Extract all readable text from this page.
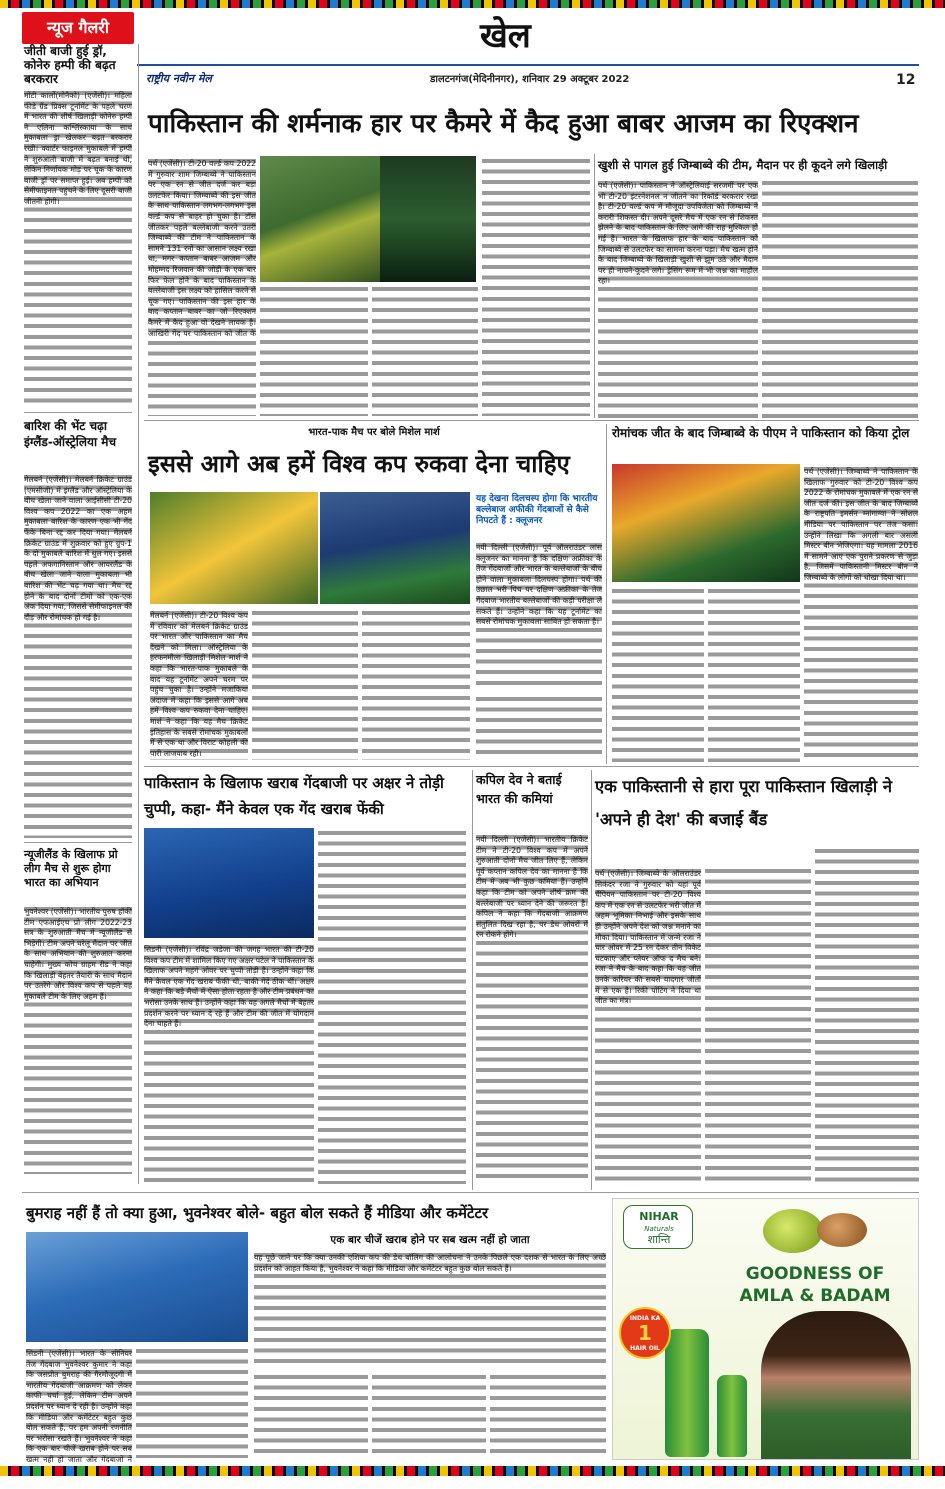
खेल
राष्ट्रीय नवीन मेल	डालटनगंज(मेदिनीनगर), शनिवार 29 अक्टूबर 2022	12
न्यूज गैलरी
जीती बाजी हुई ड्रॉ, कोनेरु हम्पी की बढ़त बरकरार
मोंटी कार्लो(मोनैको) (एजेंसी)। महिला फीडे ग्रैंड प्रिक्स टूर्नामेंट के पहले चरण में भारत की शीर्ष खिलाड़ी कोनेरु हम्पी ने एलिना कश्लिंस्काया के साथ मुकाबला ड्रा खेलकर बढ़त बरकरार रखी। क्वार्टर फाइनल मुकाबले में हम्पी ने शुरुआती बाजी में बढ़त बनाई थी, लेकिन निर्णायक मोड़ पर चूक के कारण बाजी ड्रॉ पर समाप्त हुई। अब हम्पी को सेमीफाइनल पहुंचने के लिए दूसरी बाजी जीतनी होगी।
बारिश की भेंट चढ़ा इंग्लैंड-ऑस्ट्रेलिया मैच
मेलबर्न (एजेंसी)। मेलबर्न क्रिकेट ग्राउंड (एमसीजी) में इंग्लैंड और ऑस्ट्रेलिया के बीच खेला जाने वाला आईसीसी टी-20 विश्व कप 2022 का एक अहम मुकाबला बारिश के कारण एक भी गेंद फेंके बिना रद्द कर दिया गया। मेलबर्न क्रिकेट ग्राउंड में शुक्रवार को हुए ग्रुप-1 के दो मुकाबले बारिश में धुल गए। इससे पहले अफगानिस्तान और आयरलैंड के बीच खेला जाने वाला मुकाबला भी बारिश की भेंट चढ़ गया था। मैच रद्द होने के बाद दोनों टीमों को एक-एक अंक दिया गया, जिससे सेमीफाइनल की दौड़ और रोमांचक हो गई है।
न्यूजीलैंड के खिलाफ प्रो लीग मैच से शुरू होगा भारत का अभियान
भुवनेश्वर (एजेंसी)। भारतीय पुरुष हॉकी टीम एफआईएच प्रो लीग 2022-23 सत्र के शुरुआती मैच में न्यूजीलैंड से भिड़ेगी। टीम अपने घरेलू मैदान पर जीत के साथ अभियान की शुरुआत करना चाहेगी। मुख्य कोच ग्राहम रीड ने कहा कि खिलाड़ी बेहतर तैयारी के साथ मैदान पर उतरेंगे और विश्व कप से पहले यह मुकाबले टीम के लिए अहम हैं।
पाकिस्तान की शर्मनाक हार पर कैमरे में कैद हुआ बाबर आजम का रिएक्शन
पर्थ (एजेंसी)। टी-20 वर्ल्ड कप 2022 में गुरुवार शाम जिम्बाब्वे ने पाकिस्तान पर एक रन से जीत दर्ज कर बड़ा उलटफेर किया। जिम्बाब्वे की इस जीत के साथ पाकिस्तान लगभग-लगभग इस वर्ल्ड कप से बाहर हो चुका है। टॉस जीतकर पहले बल्लेबाजी करने उतरी जिम्बाब्वे की टीम ने पाकिस्तान के सामने 131 रनों का आसान लक्ष्य रखा था, मगर कप्तान बाबर आजम और मोहम्मद रिजवान की जोड़ी के एक बार फिर फेल होने के बाद पाकिस्तान के बल्लेबाजी इस लक्ष्य को हासिल करने से चूक गए। पाकिस्तान की इस हार के बाद कप्तान बाबर का जो रिएक्शन कैमरे में कैद हुआ वो देखने लायक है। आखिरी गेंद पर पाकिस्तान को जीत के
खुशी से पागल हुई जिम्बाब्वे की टीम, मैदान पर ही कूदने लगे खिलाड़ी
पर्थ (एजेंसी)। पाकिस्तान ने ऑस्ट्रेलियाई सरजमीं पर एक भी टी-20 इंटरनेशनल न जीतने का रिकॉर्ड बरकरार रखा है। टी-20 वर्ल्ड कप में मौजूदा उपविजेता को जिम्बाब्वे ने करारी शिकस्त दी। अपने दूसरे मैच में एक रन से शिकस्त झेलने के बाद पाकिस्तान के लिए आगे की राह मुश्किल हो गई है। भारत के खिलाफ हार के बाद पाकिस्तान को जिम्बाब्वे से उलटफेर का सामना करना पड़ा। मैच खत्म होने के बाद जिम्बाब्वे के खिलाड़ी खुशी से झूम उठे और मैदान पर ही नाचने-कूदने लगे। ड्रेसिंग रूम में भी जश्न का माहौल रहा।
भारत-पाक मैच पर बोले मिशेल मार्श
इससे आगे अब हमें विश्व कप रुकवा देना चाहिए
यह देखना दिलचस्प होगा कि भारतीय बल्लेबाज अफीकी गेंदबाजों से कैसे निपटते हैं : क्लूजनर
नयी दिल्ली (एजेंसी)। पूर्व ऑलराउंडर लांस क्लूजनर का मानना है कि दक्षिण अफ्रीका के तेज गेंदबाजों और भारत के बल्लेबाजों के बीच होने वाला मुकाबला दिलचस्प होगा। पर्थ की उछाल भरी पिच पर दक्षिण अफ्रीका के तेज गेंदबाज भारतीय बल्लेबाजों की कड़ी परीक्षा ले सकते हैं। उन्होंने कहा कि यह टूर्नामेंट का सबसे रोमांचक मुकाबला साबित हो सकता है।
मेलबर्न (एजेंसी)। टी-20 विश्व कप में रविवार को मेलबर्न क्रिकेट ग्राउंड पर भारत और पाकिस्तान का मैच देखने को मिला। ऑस्ट्रेलिया के हरफनमौला खिलाड़ी मिशेल मार्श ने कहा कि भारत-पाक मुकाबले के बाद यह टूर्नामेंट अपने चरम पर पहुंच चुका है। उन्होंने मजाकिया अंदाज में कहा कि इससे आगे अब हमें विश्व कप रुकवा देना चाहिए। मार्श ने कहा कि यह मैच क्रिकेट इतिहास के सबसे रोमांचक मुकाबलों में से एक था और विराट कोहली की पारी लाजवाब रही।
रोमांचक जीत के बाद जिम्बाब्वे के पीएम ने पाकिस्तान को किया ट्रोल
पर्थ (एजेंसी)। जिम्बाब्वे ने पाकिस्तान के खिलाफ गुरुवार को टी-20 विश्व कप 2022 के रोमांचक मुकाबले में एक रन से जीत दर्ज की। इस जीत के बाद जिम्बाब्वे के राष्ट्रपति इमर्सन म्नांगाग्वा ने सोशल मीडिया पर पाकिस्तान पर तंज कसा। उन्होंने लिखा कि अगली बार असली मिस्टर बीन भेजिएगा। यह मामला 2016 में सामने आए एक पुराने प्रकरण से जुड़ा है, जिसमें पाकिस्तानी मिस्टर बीन ने जिम्बाब्वे के लोगों को धोखा दिया था।
पाकिस्तान के खिलाफ खराब गेंदबाजी पर अक्षर ने तोड़ी चुप्पी, कहा- मैंने केवल एक गेंद खराब फेंकी
सिडनी (एजेंसी)। रविंद्र जडेजा की जगह भारत की टी-20 विश्व कप टीम में शामिल किए गए अक्षर पटेल ने पाकिस्तान के खिलाफ अपने महंगे ओवर पर चुप्पी तोड़ी है। उन्होंने कहा कि मैंने केवल एक गेंद खराब फेंकी थी, बाकी गेंदें ठीक थीं। अक्षर ने कहा कि बड़े मैचों में ऐसा होता रहता है और टीम प्रबंधन का भरोसा उनके साथ है। उन्होंने कहा कि वह अगले मैचों में बेहतर प्रदर्शन करने पर ध्यान दे रहे हैं और टीम की जीत में योगदान देना चाहते हैं।
कपिल देव ने बताई भारत की कमियां
नयी दिल्ली (एजेंसी)। भारतीय क्रिकेट टीम ने टी-20 विश्व कप में अपने शुरुआती दोनों मैच जीत लिए हैं, लेकिन पूर्व कप्तान कपिल देव का मानना है कि टीम में अब भी कुछ कमियां हैं। उन्होंने कहा कि टीम को अपने शीर्ष क्रम की बल्लेबाजी पर ध्यान देने की जरूरत है। कपिल ने कहा कि गेंदबाजी आक्रमण संतुलित दिख रहा है, पर डेथ ओवरों में रन रोकने होंगे।
एक पाकिस्तानी से हारा पूरा पाकिस्तान खिलाड़ी ने 'अपने ही देश' की बजाई बैंड
पर्थ (एजेंसी)। जिम्बाब्वे के ऑलराउंडर सिकंदर रजा ने गुरुवार को यहां पूर्व चैंपियन पाकिस्तान पर टी-20 विश्व कप में एक रन से उलटफेर भरी जीत में अहम भूमिका निभाई और इसके साथ ही उन्होंने अपने देश को जश्न मनाने का मौका दिया। पाकिस्तान में जन्मे रजा ने चार ओवर में 25 रन देकर तीन विकेट चटकाए और प्लेयर ऑफ द मैच बने। रजा ने मैच के बाद कहा कि यह जीत उनके करियर की सबसे यादगार जीतों में से एक है। रिकी पोंटिंग ने दिया था जीत का मंत्र।
बुमराह नहीं हैं तो क्या हुआ, भुवनेश्वर बोले- बहुत बोल सकते हैं मीडिया और कमेंटेटर
एक बार चीजें खराब होने पर सब खत्म नहीं हो जाता
यह पूछे जाने पर कि क्या उनकी एशिया कप की डेथ बॉलिंग की आलोचना ने उनके पिछले एक दशक से भारत के लिए अच्छे प्रदर्शन को आहत किया है, भुवनेश्वर ने कहा कि मीडिया और कमेंटेटर बहुत कुछ बोल सकते हैं।
सिडनी (एजेंसी)। भारत के सीनियर तेज गेंदबाज भुवनेश्वर कुमार ने कहा कि जसप्रीत बुमराह की गैरमौजूदगी में भारतीय गेंदबाजी आक्रमण को लेकर काफी चर्चा हुई, लेकिन टीम अपने प्रदर्शन पर ध्यान दे रही है। उन्होंने कहा कि मीडिया और कमेंटेटर बहुत कुछ बोल सकते हैं, पर हम अपनी रणनीति पर भरोसा रखते हैं। भुवनेश्वर ने कहा कि एक बार चीजें खराब होने पर सब खत्म नहीं हो जाता और गेंदबाजों ने
NIHAR
Naturals
शान्ति
GOODNESS OF
AMLA & BADAM
INDIA KA
1
HAIR OIL
